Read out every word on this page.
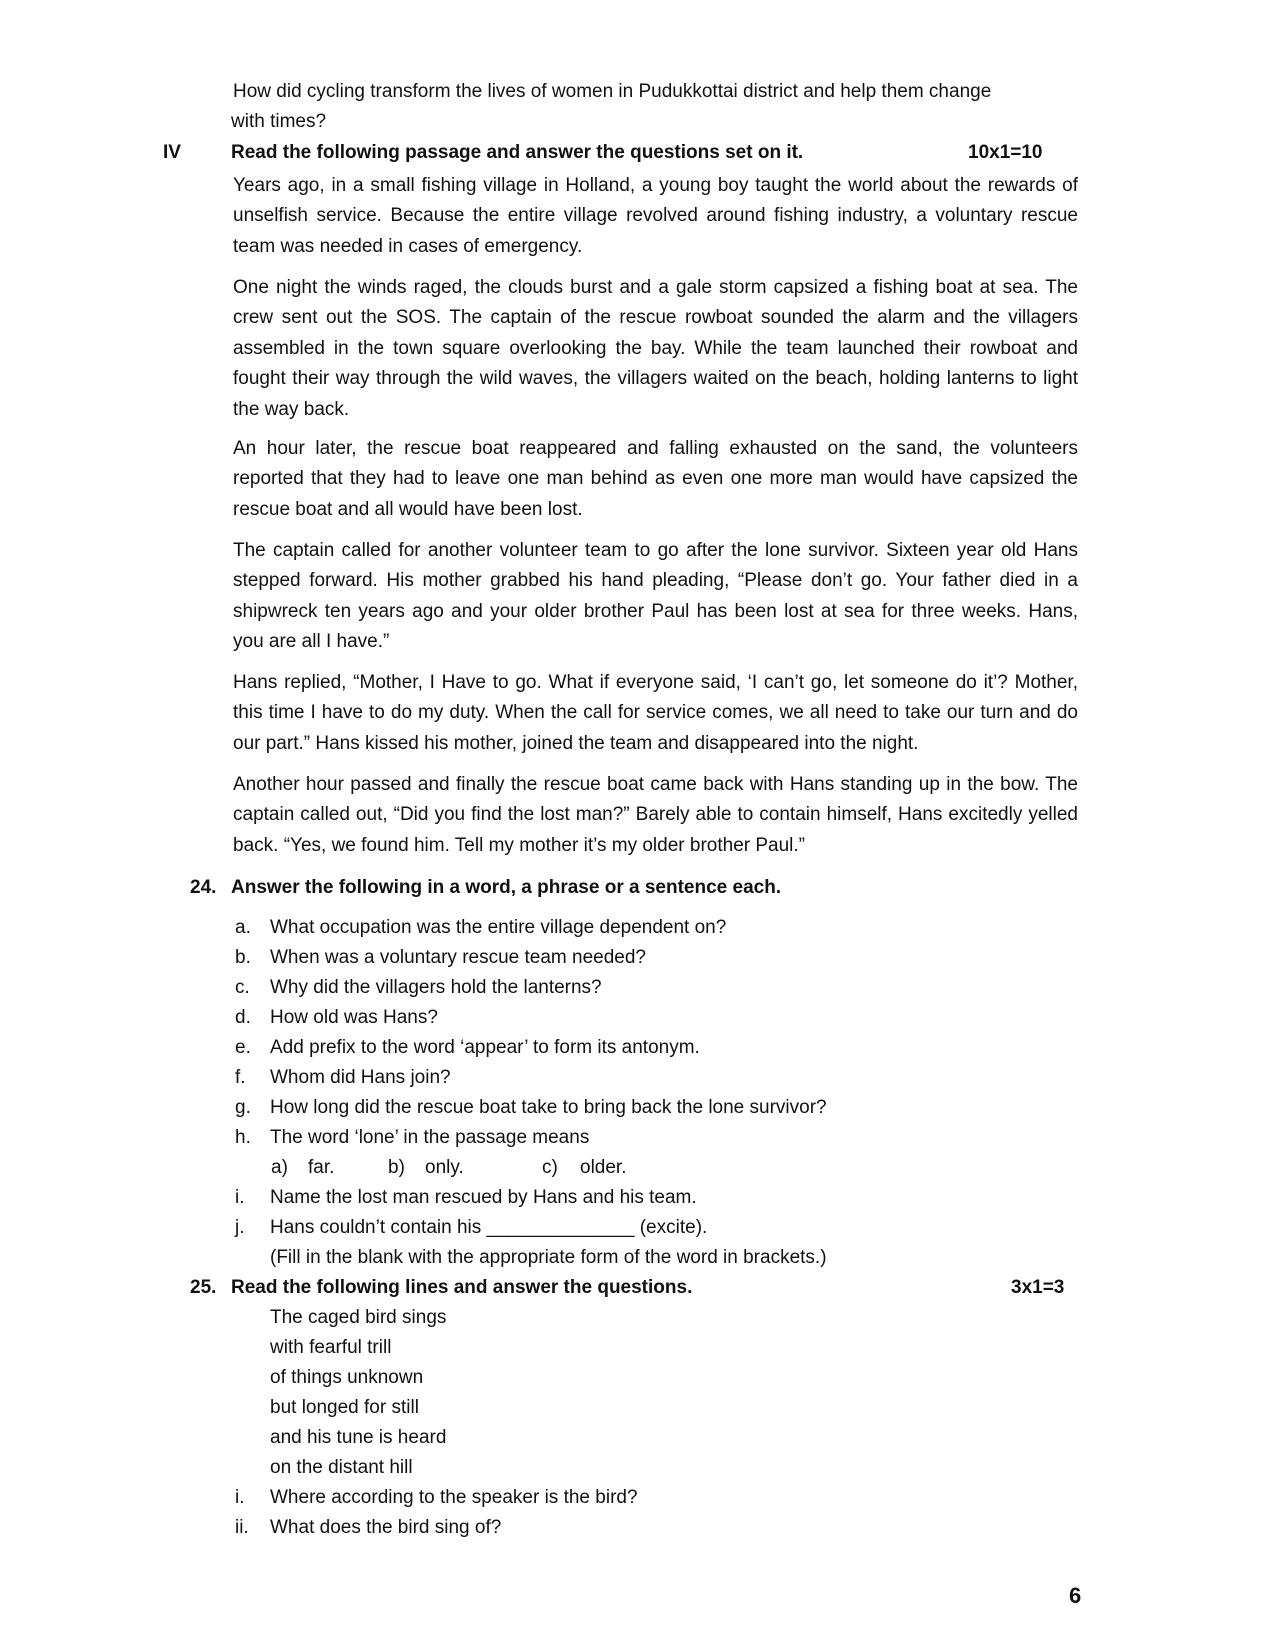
How did cycling transform the lives of women in Pudukkottai district and help them change
with times?
IV	Read the following passage and answer the questions set on it.	10x1=10
Years ago, in a small fishing village in Holland, a young boy taught the world about the rewards of unselfish service. Because the entire village revolved around fishing industry, a voluntary rescue team was needed in cases of emergency.
One night the winds raged, the clouds burst and a gale storm capsized a fishing boat at sea. The crew sent out the SOS. The captain of the rescue rowboat sounded the alarm and the villagers assembled in the town square overlooking the bay. While the team launched their rowboat and fought their way through the wild waves, the villagers waited on the beach, holding lanterns to light the way back.
An hour later, the rescue boat reappeared and falling exhausted on the sand, the volunteers reported that they had to leave one man behind as even one more man would have capsized the rescue boat and all would have been lost.
The captain called for another volunteer team to go after the lone survivor. Sixteen year old Hans stepped forward. His mother grabbed his hand pleading, “Please don’t go. Your father died in a shipwreck ten years ago and your older brother Paul has been lost at sea for three weeks. Hans, you are all I have.”
Hans replied, “Mother, I Have to go. What if everyone said, ‘I can’t go, let someone do it’? Mother, this time I have to do my duty. When the call for service comes, we all need to take our turn and do our part.” Hans kissed his mother, joined the team and disappeared into the night.
Another hour passed and finally the rescue boat came back with Hans standing up in the bow. The captain called out, “Did you find the lost man?” Barely able to contain himself, Hans excitedly yelled back. “Yes, we found him. Tell my mother it’s my older brother Paul.”
24. Answer the following in a word, a phrase or a sentence each.
a. What occupation was the entire village dependent on?
b. When was a voluntary rescue team needed?
c. Why did the villagers hold the lanterns?
d. How old was Hans?
e. Add prefix to the word ‘appear’ to form its antonym.
f. Whom did Hans join?
g. How long did the rescue boat take to bring back the lone survivor?
h. The word ‘lone’ in the passage means
a) far.	b) only.	c) older.
i. Name the lost man rescued by Hans and his team.
j. Hans couldn’t contain his ______________ (excite).
(Fill in the blank with the appropriate form of the word in brackets.)
25. Read the following lines and answer the questions.	3x1=3
The caged bird sings
with fearful trill
of things unknown
but longed for still
and his tune is heard
on the distant hill
i. Where according to the speaker is the bird?
ii. What does the bird sing of?
6
